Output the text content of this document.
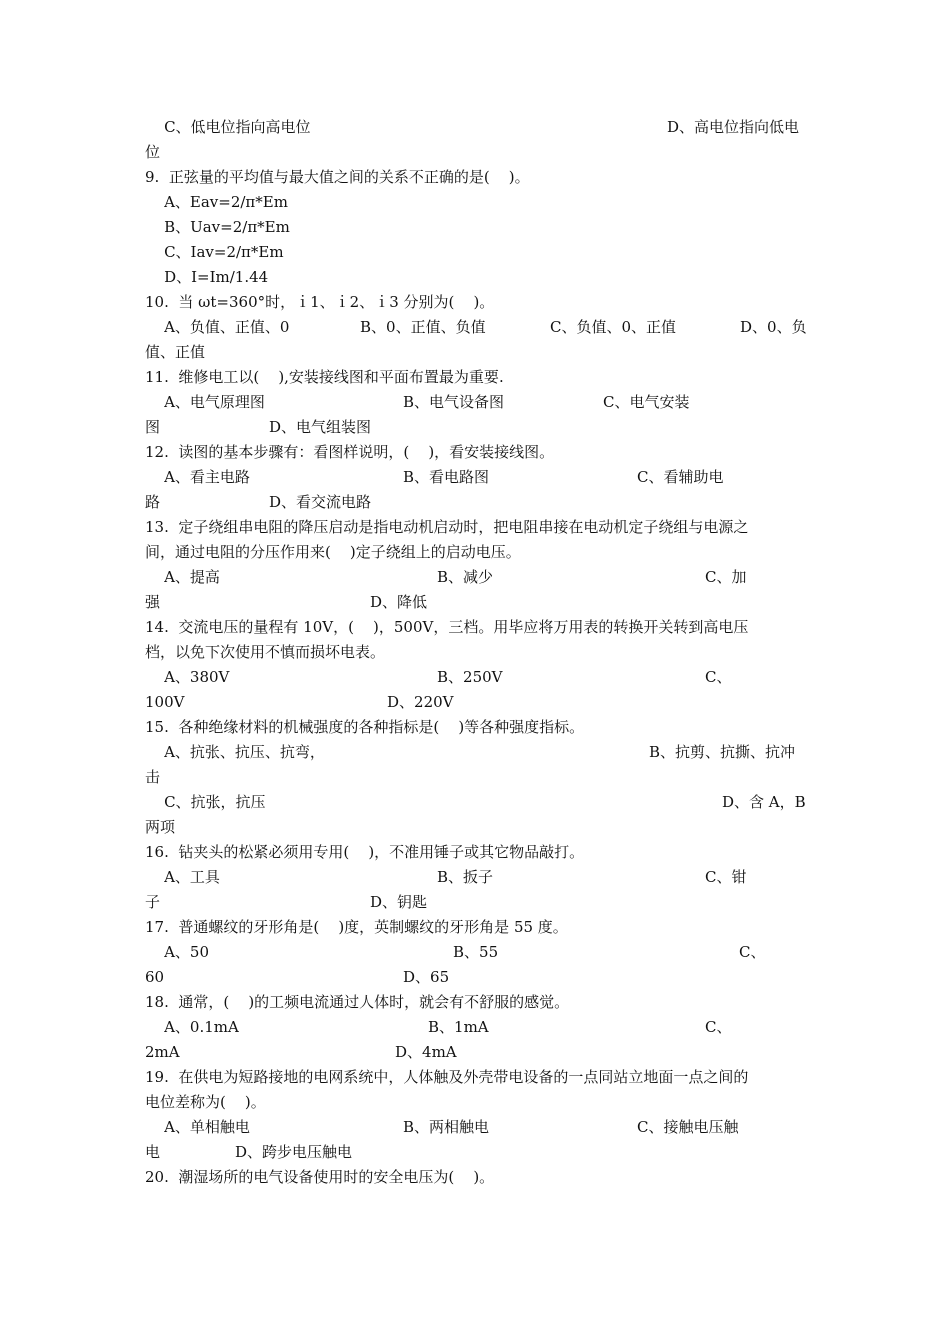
C、低电位指向高电位

	D、高电位指向低电

位

9.  正弦量的平均值与最大值之间的关系不正确的是(    )。

A、Eav=2/π*Em

B、Uav=2/π*Em

C、Iav=2/π*Em

D、I=Im/1.44

10.  当 ωt=360°时，ｉ1、ｉ2、ｉ3 分别为(    )。

A、负值、正值、0

	B、0、正值、负值

	C、负值、0、正值

	D、0、负

值、正值

11.  维修电工以(    ),安装接线图和平面布置最为重要.

A、电气原理图

	B、电气设备图

	C、电气安装

图

	D、电气组装图

12.  读图的基本步骤有：看图样说明，(    )，看安装接线图。

A、看主电路

	B、看电路图

	C、看辅助电

路

	D、看交流电路

13.  定子绕组串电阻的降压启动是指电动机启动时，把电阻串接在电动机定子绕组与电源之

间，通过电阻的分压作用来(    )定子绕组上的启动电压。

A、提高

	B、减少

	C、加

强

	D、降低

14.  交流电压的量程有 10V，(    )，500V，三档。用毕应将万用表的转换开关转到高电压

档，以免下次使用不慎而损坏电表。

A、380V

	B、250V

	C、

100V

	D、220V

15.  各种绝缘材料的机械强度的各种指标是(    )等各种强度指标。

A、抗张、抗压、抗弯，

	B、抗剪、抗撕、抗冲

击

C、抗张，抗压

	D、含 A，B

两项

16.  钻夹头的松紧必须用专用(    )，不准用锤子或其它物品敲打。

A、工具

	B、扳子

	C、钳

子

	D、钥匙

17.  普通螺纹的牙形角是(    )度，英制螺纹的牙形角是 55 度。

A、50

	B、55

	C、

60

	D、65

18.  通常，(    )的工频电流通过人体时，就会有不舒服的感觉。

A、0.1mA

	B、1mA

	C、

2mA

	D、4mA

19.  在供电为短路接地的电网系统中，人体触及外壳带电设备的一点同站立地面一点之间的

电位差称为(    )。

A、单相触电

	B、两相触电

	C、接触电压触

电

	D、跨步电压触电

20.  潮湿场所的电气设备使用时的安全电压为(    )。
